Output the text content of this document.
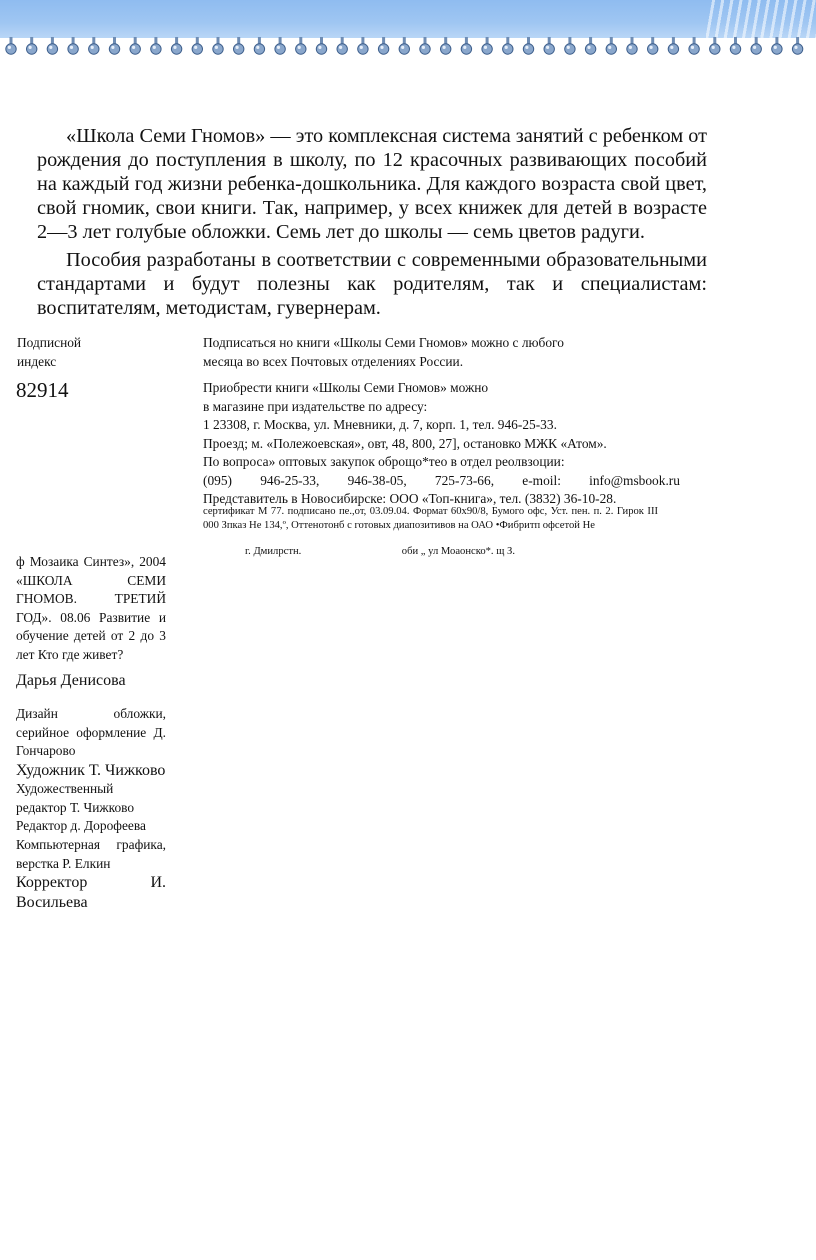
«Школа Семи Гномов» — это комплексная система занятий с ребенком от рождения до поступления в школу, по 12 красочных развивающих пособий на каждый год жизни ребенка-дошкольника. Для каждого возраста свой цвет, свой гномик, свои книги. Так, например, у всех книжек для детей в возрасте 2—3 лет голубые обложки. Семь лет до школы — семь цветов радуги.

Пособия разработаны в соответствии с современными образовательными стандартами и будут полезны как родителям, так и специалистам: воспитателям, методистам, гувернерам.

Подписной
индекс
82914
Подписаться но книги «Школы Семи Гномов» можно с любого
месяца во всех Почтовых отделениях России.
Приобрести книги «Школы Семи Гномов» можно
в магазине при издательстве по адресу:
1 23308, г. Москва, ул. Мневники, д. 7, корп. 1, тел. 946-25-33.
Проезд; м. «Полежоевская», овт, 48, 800, 27], остановко МЖК «Атом».
По вопроса» оптовых закупок оброщо*тео в отдел реолвзоции:
(095) 946-25-33, 946-38-05, 725-73-66, e-moil: info@msbook.ru
Представитель в Новосибирске: ООО «Топ-книга», тел. (3832) 36-10-28.
сертификат М 77. подписано пе.,от, 03.09.04. Формат 60х90/8, Бумого офс, Уст. пен. п. 2. Гирок III 000 Зпказ Не 134,º, Оттенотонб с готовых диапозитивов на ОАО •Фибритп офсетой Не
г. Дмилрстн.	оби „ ул Моаонско*. щ З.
ф Мозаика Синтез», 2004 «ШКОЛА СЕМИ ГНОМОВ. ТРЕТИЙ ГОД». 08.06 Развитие и обучение детей от 2 до 3 лет Кто где живет?
Дарья Денисова
Дизайн обложки, серийное оформление Д. Гончарово
Художник Т. Чижково
Художественный редактор Т. Чижково
Редактор д. Дорофеева
Компьютерная графика, верстка Р. Елкин
Корректор И. Восильева
